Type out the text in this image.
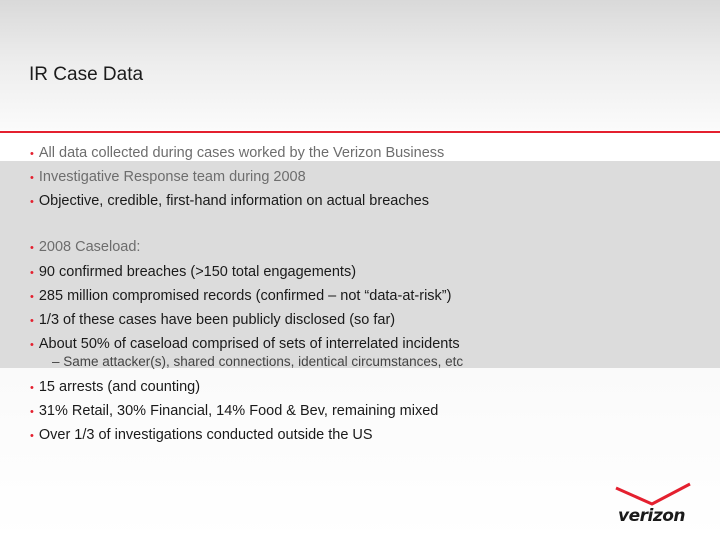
IR Case Data
• All data collected during cases worked by the Verizon Business
• Investigative Response team during 2008
• Objective, credible, first-hand information on actual breaches
• 2008 Caseload:
• 90 confirmed breaches (>150 total engagements)
• 285 million compromised records (confirmed – not “data-at-risk”)
• 1/3 of these cases have been publicly disclosed (so far)
• About 50% of caseload comprised of sets of interrelated incidents
– Same attacker(s), shared connections, identical circumstances, etc
• 15 arrests (and counting)
• 31% Retail, 30% Financial, 14% Food & Bev, remaining mixed
• Over 1/3 of investigations conducted outside the US
verizon
